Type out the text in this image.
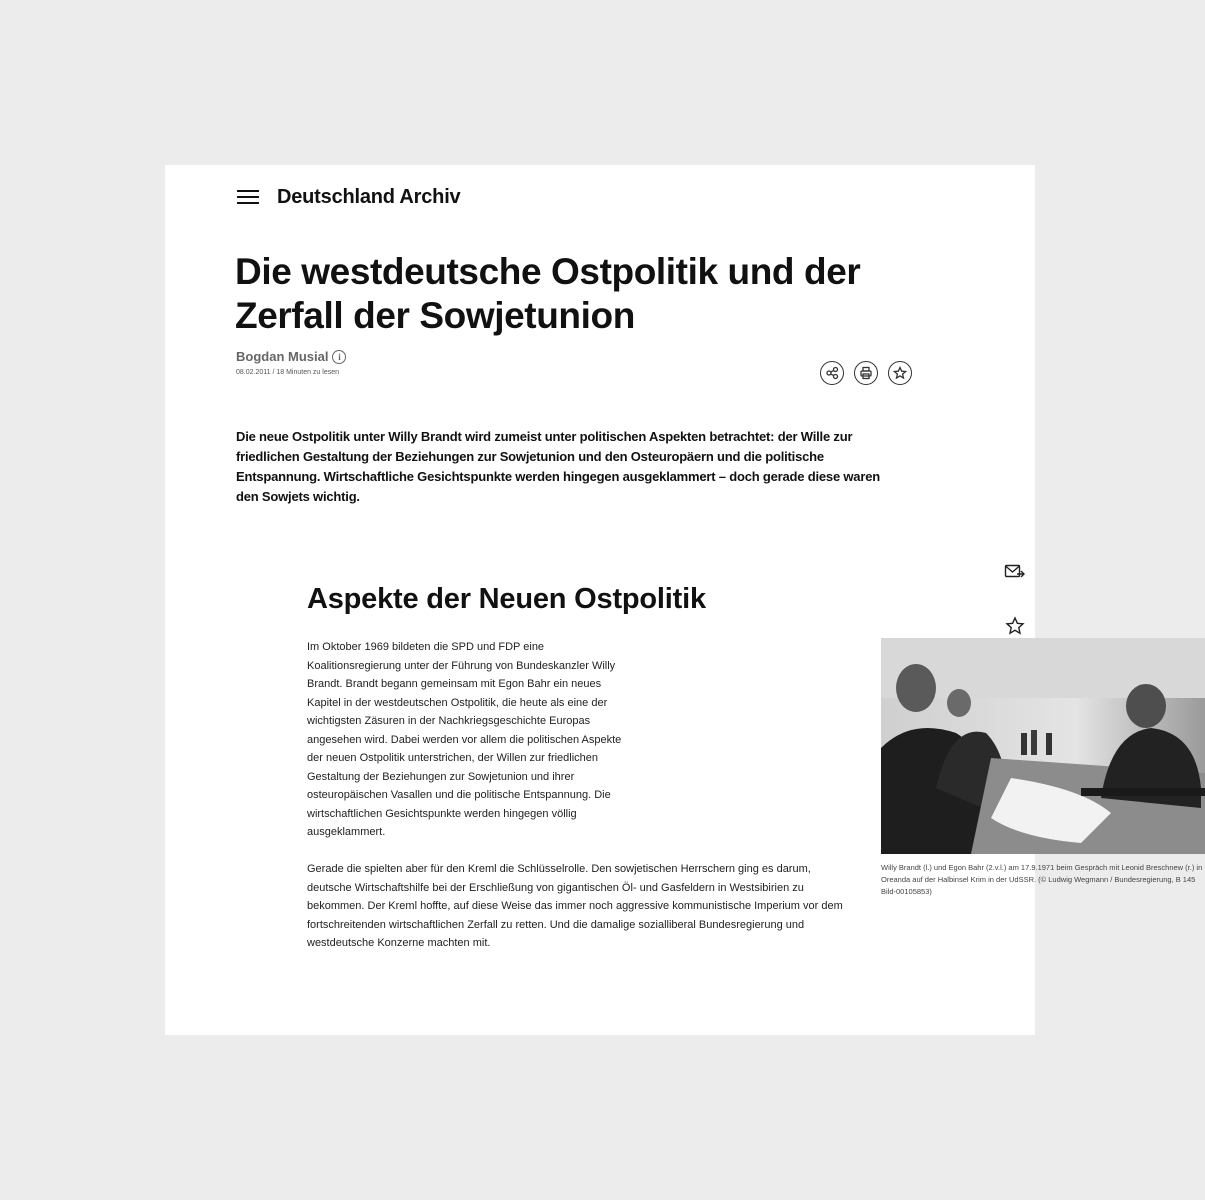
Deutschland Archiv
Die westdeutsche Ostpolitik und der Zerfall der Sowjetunion
Bogdan Musial	i
08.02.2011 / 18 Minuten zu lesen

Die neue Ostpolitik unter Willy Brandt wird zumeist unter politischen Aspekten betrachtet: der Wille zur friedlichen Gestaltung der Beziehungen zur Sowjetunion und den Osteuropäern und die politische Entspannung. Wirtschaftliche Gesichtspunkte werden hingegen ausgeklammert – doch gerade diese waren den Sowjets wichtig.

Aspekte der Neuen Ostpolitik
Willy Brandt (l.) und Egon Bahr (2.v.l.) am 17.9.1971 beim Gespräch mit Leonid Breschnew (r.) in Oreanda auf der Halbinsel Krim in der UdSSR. (© Ludwig Wegmann / Bundesregierung, B 145 Bild-00105853)

Im Oktober 1969 bildeten die SPD und FDP eine Koalitionsregierung unter der Führung von Bundeskanzler Willy Brandt. Brandt begann gemeinsam mit Egon Bahr ein neues Kapitel in der westdeutschen Ostpolitik, die heute als eine der wichtigsten Zäsuren in der Nachkriegsgeschichte Europas angesehen wird. Dabei werden vor allem die politischen Aspekte der neuen Ostpolitik unterstrichen, der Willen zur friedlichen Gestaltung der Beziehungen zur Sowjetunion und ihrer osteuropäischen Vasallen und die politische Entspannung. Die wirtschaftlichen Gesichtspunkte werden hingegen völlig ausgeklammert.

Gerade die spielten aber für den Kreml die Schlüsselrolle. Den sowjetischen Herrschern ging es darum, deutsche Wirtschaftshilfe bei der Erschließung von gigantischen Öl- und Gasfeldern in Westsibirien zu bekommen. Der Kreml hoffte, auf diese Weise das immer noch aggressive kommunistische Imperium vor dem fortschreitenden wirtschaftlichen Zerfall zu retten. Und die damalige sozialliberal Bundesregierung und westdeutsche Konzerne machten mit.
